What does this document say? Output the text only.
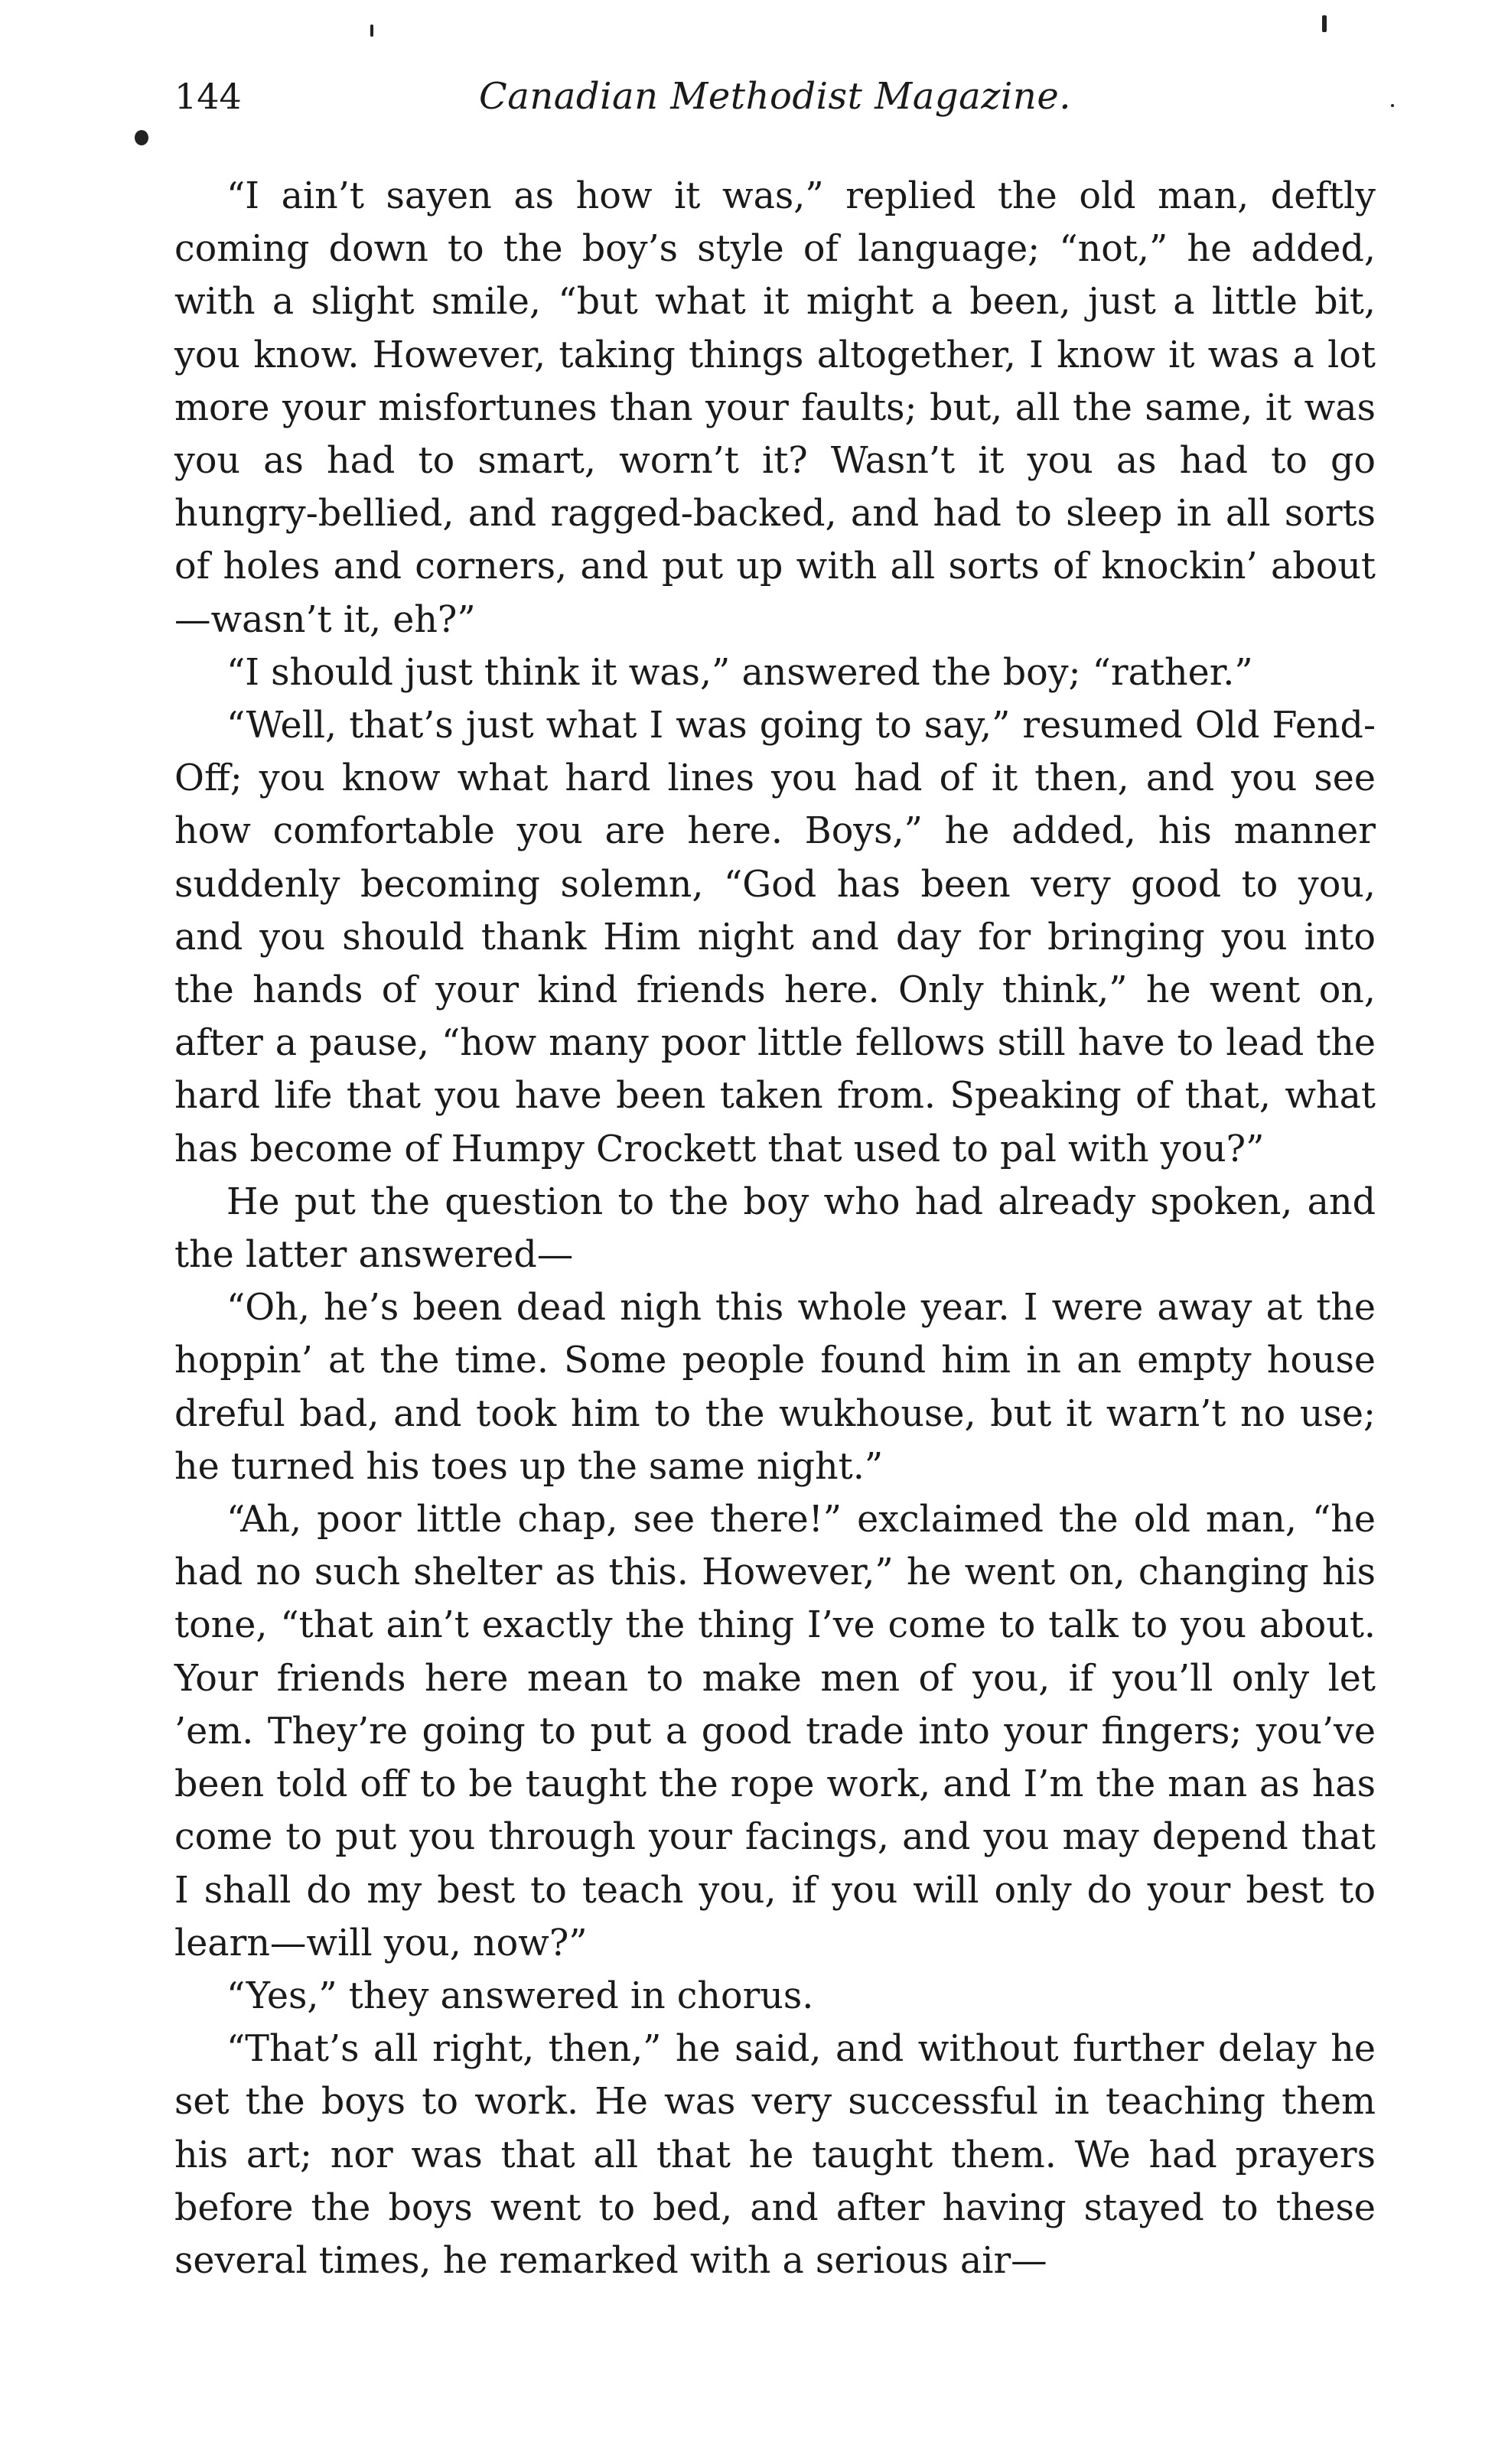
Canadian Methodist Magazine.
144

“I ain’t sayen as how it was,” replied the old man, deftly coming down to the boy’s style of language; “not,” he added, with a slight smile, “but what it might a been, just a little bit, you know. However, taking things altogether, I know it was a lot more your misfortunes than your faults; but, all the same, it was you as had to smart, worn’t it? Wasn’t it you as had to go hungry-bellied, and ragged-backed, and had to sleep in all sorts of holes and corners, and put up with all sorts of knockin’ about—wasn’t it, eh?”

“I should just think it was,” answered the boy; “rather.”

“Well, that’s just what I was going to say,” resumed Old Fend-Off; you know what hard lines you had of it then, and you see how comfortable you are here. Boys,” he added, his manner suddenly becoming solemn, “God has been very good to you, and you should thank Him night and day for bringing you into the hands of your kind friends here. Only think,” he went on, after a pause, “how many poor little fellows still have to lead the hard life that you have been taken from. Speaking of that, what has become of Humpy Crockett that used to pal with you?”

He put the question to the boy who had already spoken, and the latter answered—

“Oh, he’s been dead nigh this whole year. I were away at the hoppin’ at the time. Some people found him in an empty house dreful bad, and took him to the wukhouse, but it warn’t no use; he turned his toes up the same night.”

“Ah, poor little chap, see there!” exclaimed the old man, “he had no such shelter as this. However,” he went on, changing his tone, “that ain’t exactly the thing I’ve come to talk to you about. Your friends here mean to make men of you, if you’ll only let ’em. They’re going to put a good trade into your fingers; you’ve been told off to be taught the rope work, and I’m the man as has come to put you through your facings, and you may depend that I shall do my best to teach you, if you will only do your best to learn—will you, now?”

“Yes,” they answered in chorus.

“That’s all right, then,” he said, and without further delay he set the boys to work. He was very successful in teaching them his art; nor was that all that he taught them. We had prayers before the boys went to bed, and after having stayed to these several times, he remarked with a serious air—
